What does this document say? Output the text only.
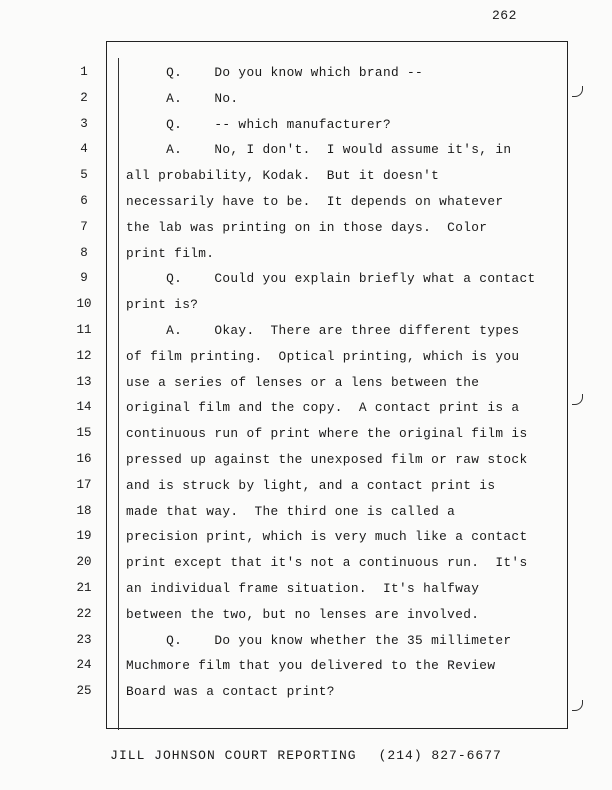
262
1
2
3
4
5
6
7
8
9
10
11
12
13
14
15
16
17
18
19
20
21
22
23
24
25
Q.    Do you know which brand --
A.    No.
Q.    -- which manufacturer?
A.    No, I don't.  I would assume it's, in
all probability, Kodak.  But it doesn't
necessarily have to be.  It depends on whatever
the lab was printing on in those days.  Color
print film.
Q.    Could you explain briefly what a contact
print is?
A.    Okay.  There are three different types
of film printing.  Optical printing, which is you
use a series of lenses or a lens between the
original film and the copy.  A contact print is a
continuous run of print where the original film is
pressed up against the unexposed film or raw stock
and is struck by light, and a contact print is
made that way.  The third one is called a
precision print, which is very much like a contact
print except that it's not a continuous run.  It's
an individual frame situation.  It's halfway
between the two, but no lenses are involved.
Q.    Do you know whether the 35 millimeter
Muchmore film that you delivered to the Review
Board was a contact print?
JILL JOHNSON COURT REPORTING (214) 827-6677
